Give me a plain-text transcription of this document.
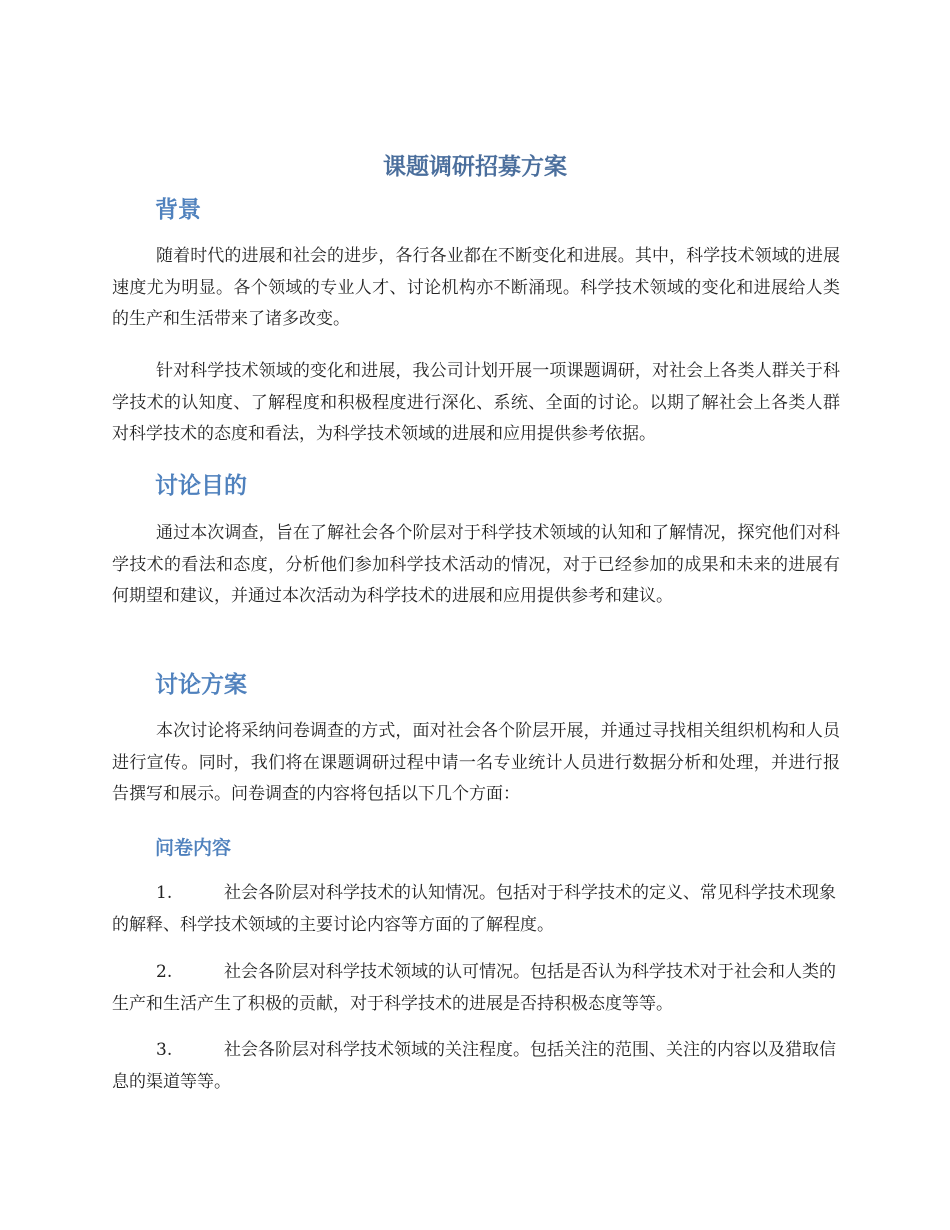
课题调研招募方案
背景

随着时代的进展和社会的进步，各行各业都在不断变化和进展。其中，科学技术领域的进展速度尤为明显。各个领域的专业人才、讨论机构亦不断涌现。科学技术领域的变化和进展给人类的生产和生活带来了诸多改变。

针对科学技术领域的变化和进展，我公司计划开展一项课题调研，对社会上各类人群关于科学技术的认知度、了解程度和积极程度进行深化、系统、全面的讨论。以期了解社会上各类人群对科学技术的态度和看法，为科学技术领域的进展和应用提供参考依据。

讨论目的

通过本次调查，旨在了解社会各个阶层对于科学技术领域的认知和了解情况，探究他们对科学技术的看法和态度，分析他们参加科学技术活动的情况，对于已经参加的成果和未来的进展有何期望和建议，并通过本次活动为科学技术的进展和应用提供参考和建议。

讨论方案

本次讨论将采纳问卷调查的方式，面对社会各个阶层开展，并通过寻找相关组织机构和人员进行宣传。同时，我们将在课题调研过程中请一名专业统计人员进行数据分析和处理，并进行报告撰写和展示。问卷调查的内容将包括以下几个方面：

问卷内容

1.	社会各阶层对科学技术的认知情况。包括对于科学技术的定义、常见科学技术现象的解释、科学技术领域的主要讨论内容等方面的了解程度。

2.	社会各阶层对科学技术领域的认可情况。包括是否认为科学技术对于社会和人类的生产和生活产生了积极的贡献，对于科学技术的进展是否持积极态度等等。

3.	社会各阶层对科学技术领域的关注程度。包括关注的范围、关注的内容以及猎取信息的渠道等等。
